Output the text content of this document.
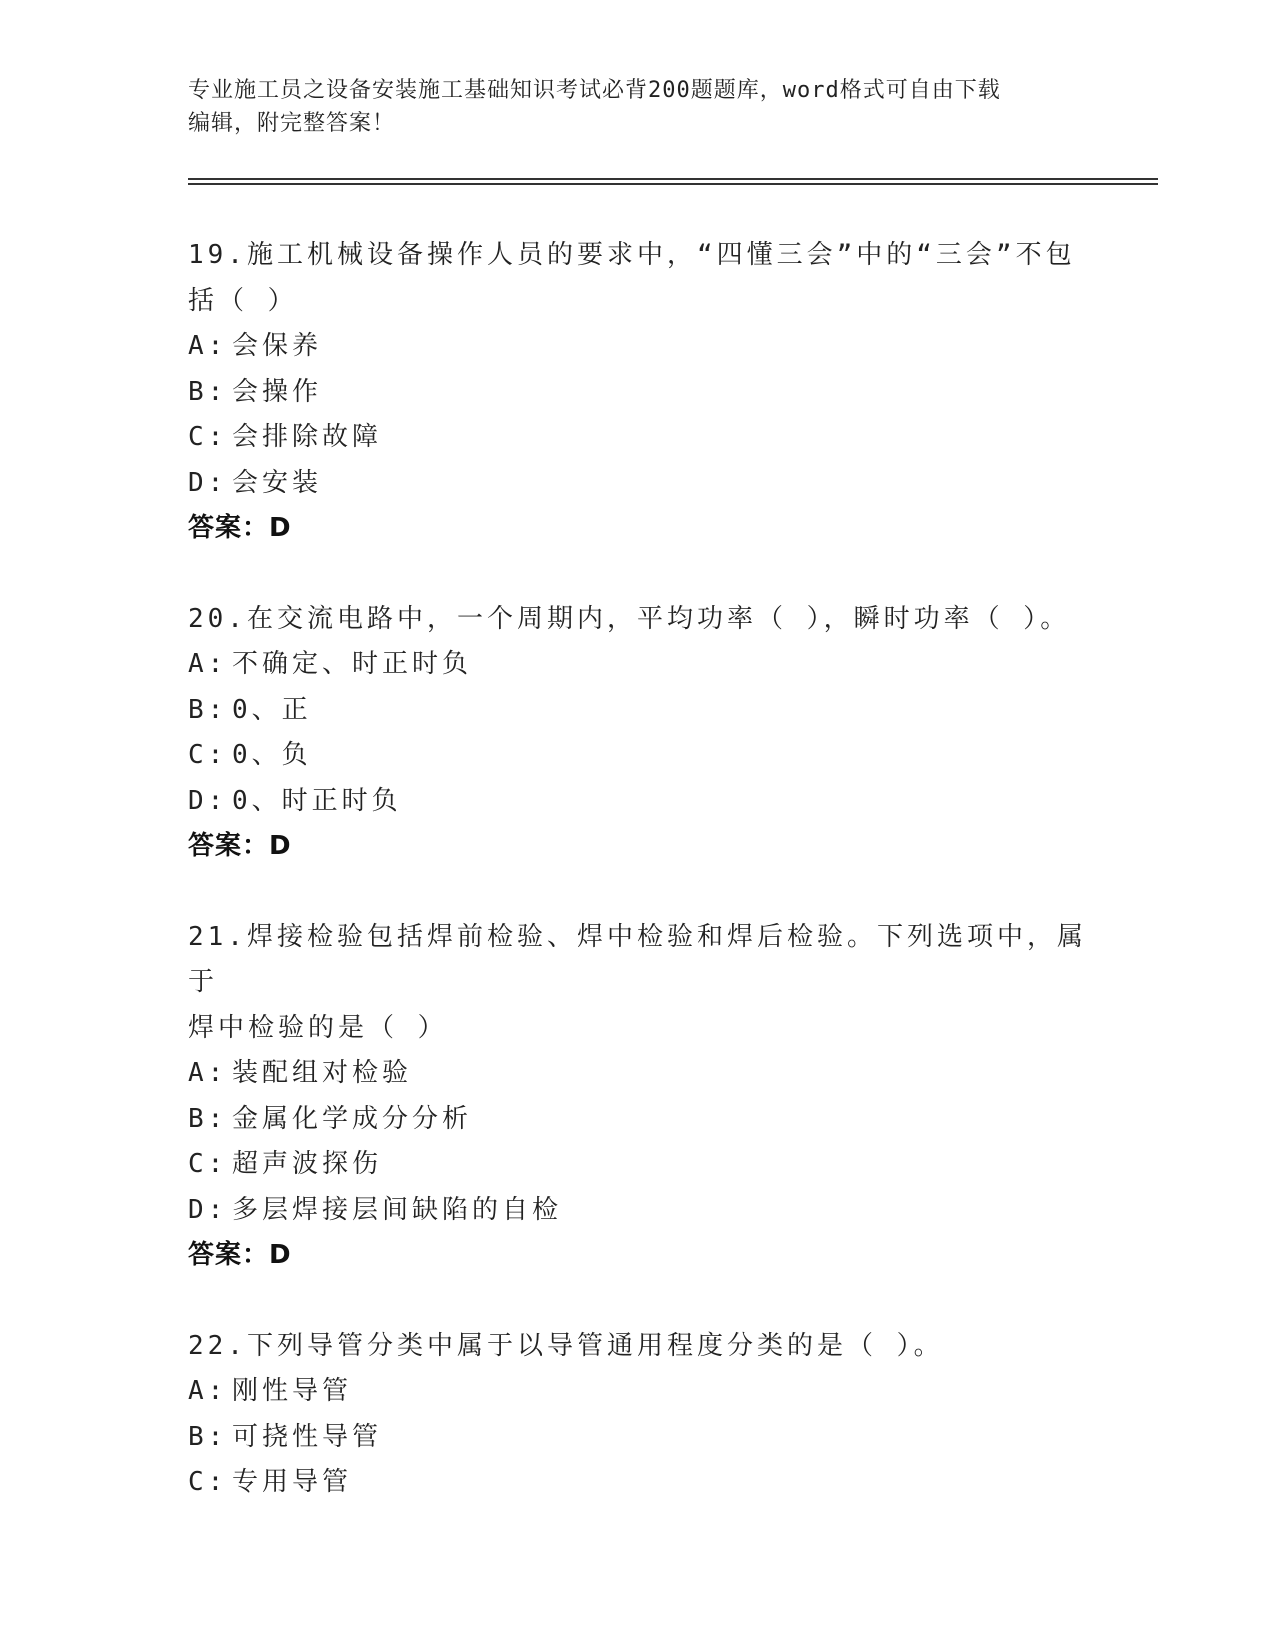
专业施工员之设备安装施工基础知识考试必背200题题库，word格式可自由下载
编辑，附完整答案！
19.施工机械设备操作人员的要求中，“四懂三会”中的“三会”不包
括（ ）
A: 会保养
B: 会操作
C: 会排除故障
D: 会安装
答案：D
20.在交流电路中，一个周期内，平均功率（ ），瞬时功率（ ）。
A: 不确定、时正时负
B: 0、正
C: 0、负
D: 0、时正时负
答案：D
21.焊接检验包括焊前检验、焊中检验和焊后检验。下列选项中，属于
焊中检验的是（ ）
A: 装配组对检验
B: 金属化学成分分析
C: 超声波探伤
D: 多层焊接层间缺陷的自检
答案：D
22.下列导管分类中属于以导管通用程度分类的是（ ）。
A: 刚性导管
B: 可挠性导管
C: 专用导管
